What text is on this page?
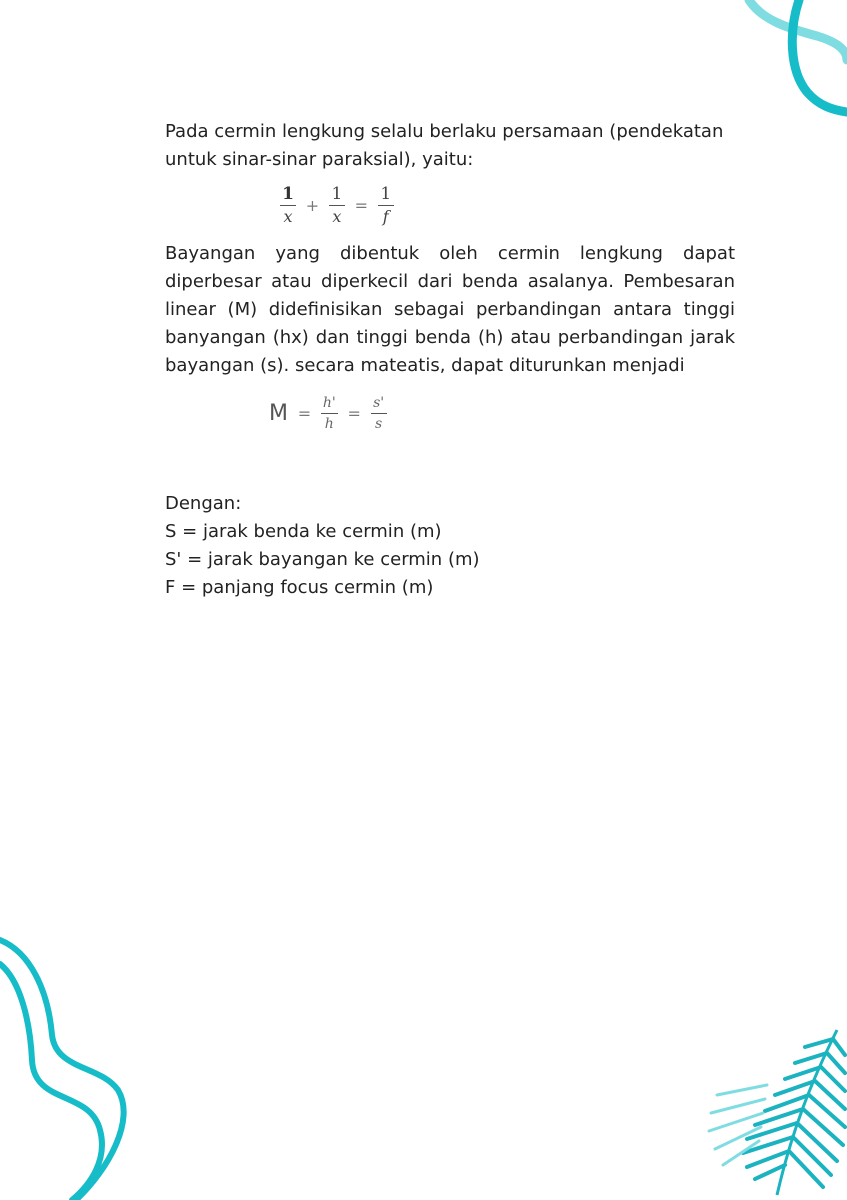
Pada cermin lengkung selalu berlaku persamaan (pendekatan untuk sinar-sinar paraksial), yaitu:

$\frac{1}{x} + \frac{1}{x} = \frac{1}{f}$

Bayangan yang dibentuk oleh cermin lengkung dapat diperbesar atau diperkecil dari benda asalanya. Pembesaran linear (M) didefinisikan sebagai perbandingan antara tinggi banyangan (hx) dan tinggi benda (h) atau perbandingan jarak bayangan (s). secara mateatis, dapat diturunkan menjadi

$M = \frac{h'}{h} = \frac{s'}{s}$

Dengan:

S = jarak benda ke cermin (m)

S' = jarak bayangan ke cermin (m)

F = panjang focus cermin (m)
